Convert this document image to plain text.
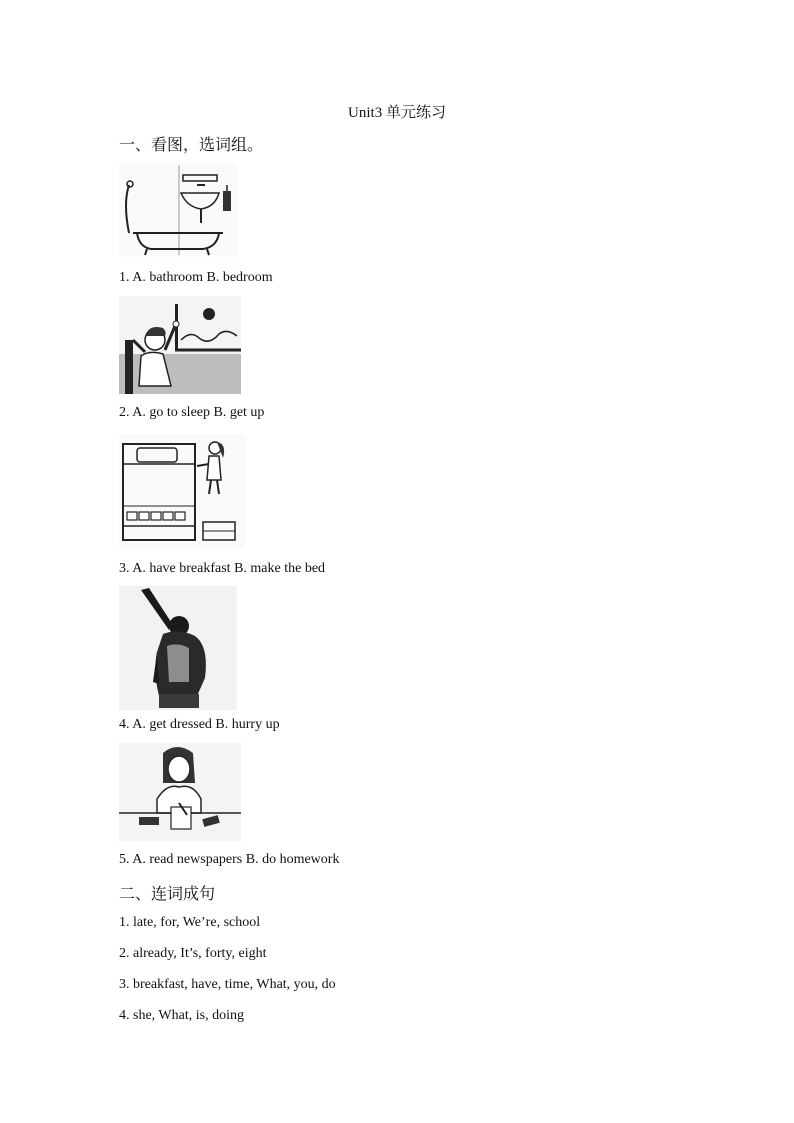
Unit3 单元练习
一、看图，选词组。
1. A. bathroom B. bedroom
2. A. go to sleep B. get up
3. A. have breakfast B. make the bed
4. A. get dressed B. hurry up
5. A. read newspapers B. do homework
二、连词成句
1. late, for, We’re, school
2. already, It’s, forty, eight
3. breakfast, have, time, What, you, do
4. she, What, is, doing
